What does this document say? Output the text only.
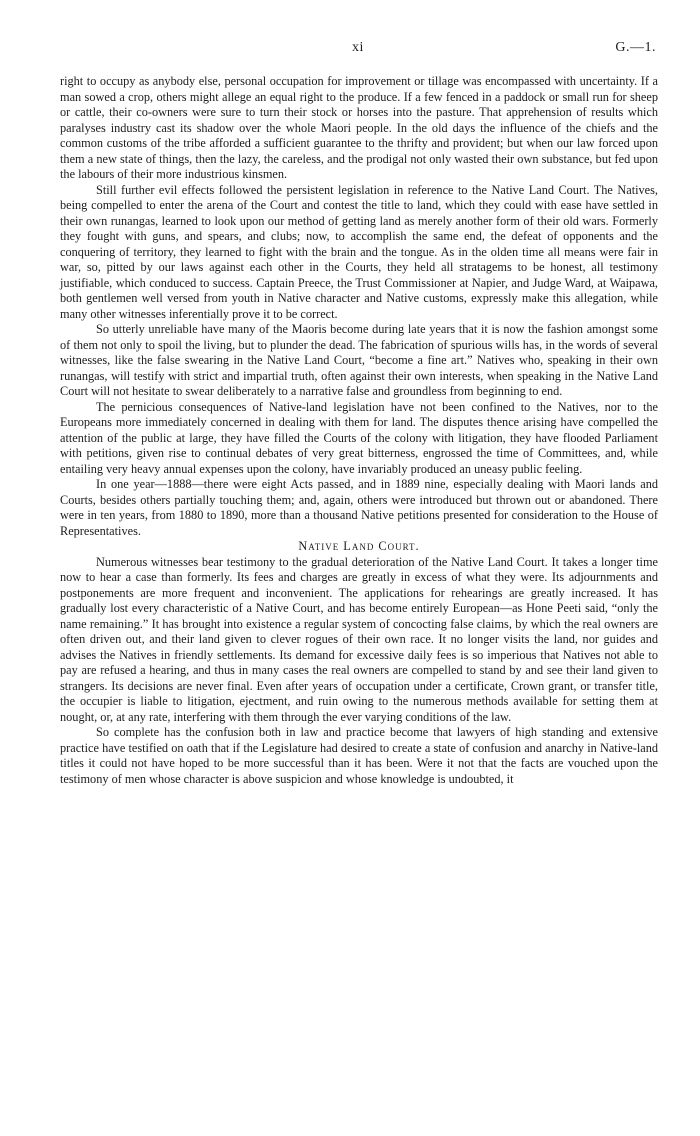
xi	G.—1.

right to occupy as anybody else, personal occupation for improvement or tillage was encompassed with uncertainty. If a man sowed a crop, others might allege an equal right to the produce. If a few fenced in a paddock or small run for sheep or cattle, their co-owners were sure to turn their stock or horses into the pasture. That apprehension of results which paralyses industry cast its shadow over the whole Maori people. In the old days the influence of the chiefs and the common customs of the tribe afforded a sufficient guarantee to the thrifty and provident; but when our law forced upon them a new state of things, then the lazy, the careless, and the prodigal not only wasted their own substance, but fed upon the labours of their more industrious kinsmen.

Still further evil effects followed the persistent legislation in reference to the Native Land Court. The Natives, being compelled to enter the arena of the Court and contest the title to land, which they could with ease have settled in their own runangas, learned to look upon our method of getting land as merely another form of their old wars. Formerly they fought with guns, and spears, and clubs; now, to accomplish the same end, the defeat of opponents and the conquering of territory, they learned to fight with the brain and the tongue. As in the olden time all means were fair in war, so, pitted by our laws against each other in the Courts, they held all stratagems to be honest, all testimony justifiable, which conduced to success. Captain Preece, the Trust Commissioner at Napier, and Judge Ward, at Waipawa, both gentlemen well versed from youth in Native character and Native customs, expressly make this allegation, while many other witnesses inferentially prove it to be correct.

So utterly unreliable have many of the Maoris become during late years that it is now the fashion amongst some of them not only to spoil the living, but to plunder the dead. The fabrication of spurious wills has, in the words of several witnesses, like the false swearing in the Native Land Court, “become a fine art.” Natives who, speaking in their own runangas, will testify with strict and impartial truth, often against their own interests, when speaking in the Native Land Court will not hesitate to swear deliberately to a narrative false and groundless from beginning to end.

The pernicious consequences of Native-land legislation have not been confined to the Natives, nor to the Europeans more immediately concerned in dealing with them for land. The disputes thence arising have compelled the attention of the public at large, they have filled the Courts of the colony with litigation, they have flooded Parliament with petitions, given rise to continual debates of very great bitterness, engrossed the time of Committees, and, while entailing very heavy annual expenses upon the colony, have invariably produced an uneasy public feeling.

In one year—1888—there were eight Acts passed, and in 1889 nine, especially dealing with Maori lands and Courts, besides others partially touching them; and, again, others were introduced but thrown out or abandoned. There were in ten years, from 1880 to 1890, more than a thousand Native petitions presented for consideration to the House of Representatives.

Native Land Court.

Numerous witnesses bear testimony to the gradual deterioration of the Native Land Court. It takes a longer time now to hear a case than formerly. Its fees and charges are greatly in excess of what they were. Its adjournments and postponements are more frequent and inconvenient. The applications for rehearings are greatly increased. It has gradually lost every characteristic of a Native Court, and has become entirely European—as Hone Peeti said, “only the name remaining.” It has brought into existence a regular system of concocting false claims, by which the real owners are often driven out, and their land given to clever rogues of their own race. It no longer visits the land, nor guides and advises the Natives in friendly settlements. Its demand for excessive daily fees is so imperious that Natives not able to pay are refused a hearing, and thus in many cases the real owners are compelled to stand by and see their land given to strangers. Its decisions are never final. Even after years of occupation under a certificate, Crown grant, or transfer title, the occupier is liable to litigation, ejectment, and ruin owing to the numerous methods available for setting them at nought, or, at any rate, interfering with them through the ever varying conditions of the law.

So complete has the confusion both in law and practice become that lawyers of high standing and extensive practice have testified on oath that if the Legislature had desired to create a state of confusion and anarchy in Native-land titles it could not have hoped to be more successful than it has been. Were it not that the facts are vouched upon the testimony of men whose character is above suspicion and whose knowledge is undoubted, it
